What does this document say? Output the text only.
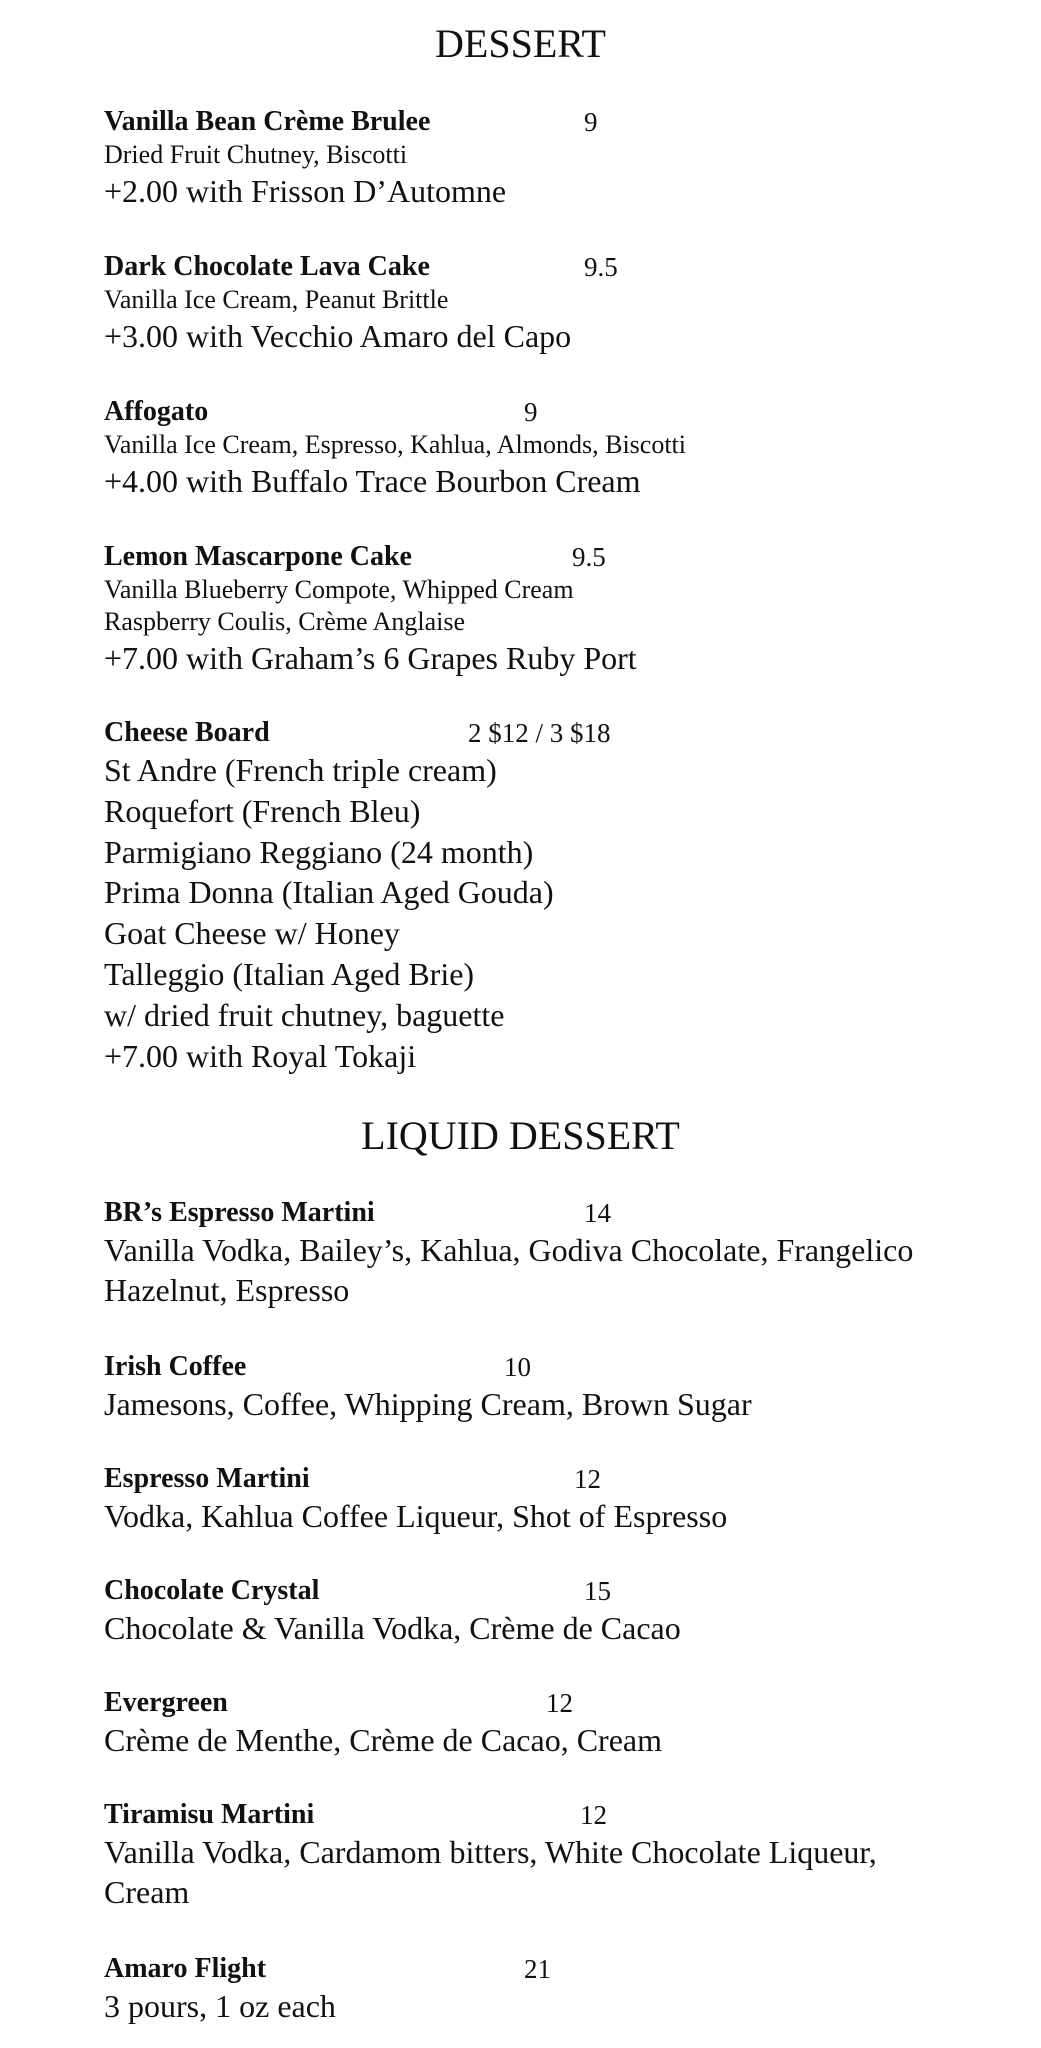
DESSERT
Vanilla Bean Crème Brulee	9
Dried Fruit Chutney, Biscotti
+2.00 with Frisson D’Automne
Dark Chocolate Lava Cake	9.5
Vanilla Ice Cream, Peanut Brittle
+3.00 with Vecchio Amaro del Capo
Affogato	9
Vanilla Ice Cream, Espresso, Kahlua, Almonds, Biscotti
+4.00 with Buffalo Trace Bourbon Cream
Lemon Mascarpone Cake	9.5
Vanilla Blueberry Compote, Whipped Cream
Raspberry Coulis, Crème Anglaise
+7.00 with Graham’s 6 Grapes Ruby Port
Cheese Board	2 $12 / 3 $18
St Andre (French triple cream)
Roquefort (French Bleu)
Parmigiano Reggiano (24 month)
Prima Donna (Italian Aged Gouda)
Goat Cheese w/ Honey
Talleggio (Italian Aged Brie)
w/ dried fruit chutney, baguette
+7.00 with Royal Tokaji
LIQUID DESSERT
BR’s Espresso Martini	14
Vanilla Vodka, Bailey’s, Kahlua, Godiva Chocolate, Frangelico
Hazelnut, Espresso
Irish Coffee	10
Jamesons, Coffee, Whipping Cream, Brown Sugar
Espresso Martini	12
Vodka, Kahlua Coffee Liqueur, Shot of Espresso
Chocolate Crystal	15
Chocolate & Vanilla Vodka, Crème de Cacao
Evergreen	12
Crème de Menthe, Crème de Cacao, Cream
Tiramisu Martini	12
Vanilla Vodka, Cardamom bitters, White Chocolate Liqueur,
Cream
Amaro Flight	21
3 pours, 1 oz each
